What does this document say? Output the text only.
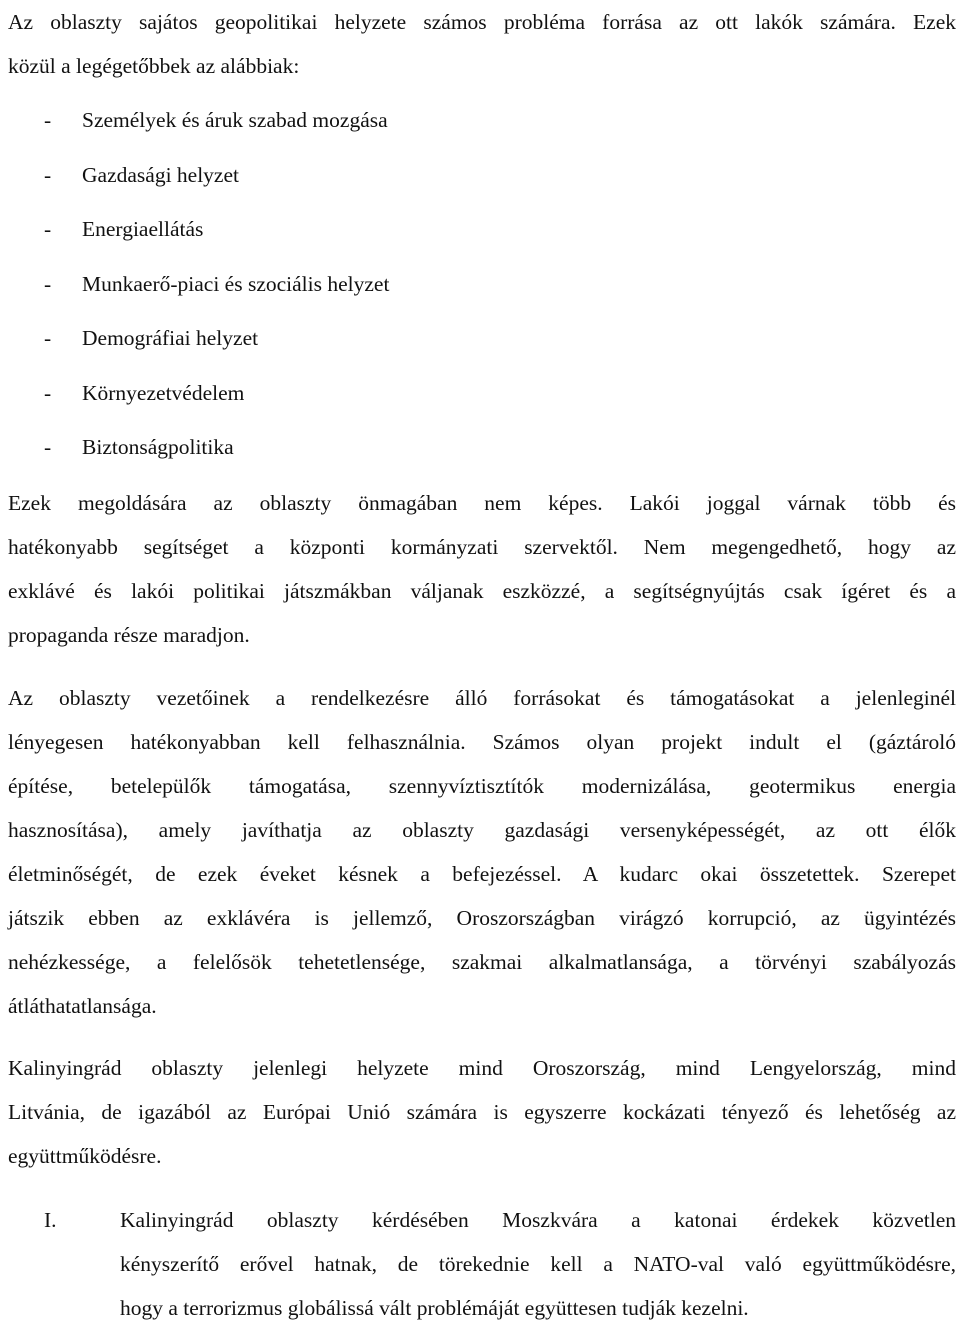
Az oblaszty sajátos geopolitikai helyzete számos probléma forrása az ott lakók számára. Ezek
közül a legégetőbbek az alábbiak:
- Személyek és áruk szabad mozgása
- Gazdasági helyzet
- Energiaellátás
- Munkaerő-piaci és szociális helyzet
- Demográfiai helyzet
- Környezetvédelem
- Biztonságpolitika
Ezek megoldására az oblaszty önmagában nem képes. Lakói joggal várnak több és
hatékonyabb segítséget a központi kormányzati szervektől. Nem megengedhető, hogy az
exklávé és lakói politikai játszmákban váljanak eszközzé, a segítségnyújtás csak ígéret és a
propaganda része maradjon.
Az oblaszty vezetőinek a rendelkezésre álló forrásokat és támogatásokat a jelenleginél
lényegesen hatékonyabban kell felhasználnia. Számos olyan projekt indult el (gáztároló
építése, betelepülők támogatása, szennyvíztisztítók modernizálása, geotermikus energia
hasznosítása), amely javíthatja az oblaszty gazdasági versenyképességét, az ott élők
életminőségét, de ezek éveket késnek a befejezéssel. A kudarc okai összetettek. Szerepet
játszik ebben az exklávéra is jellemző, Oroszországban virágzó korrupció, az ügyintézés
nehézkessége, a felelősök tehetetlensége, szakmai alkalmatlansága, a törvényi szabályozás
átláthatatlansága.
Kalinyingrád oblaszty jelenlegi helyzete mind Oroszország, mind Lengyelország, mind
Litvánia, de igazából az Európai Unió számára is egyszerre kockázati tényező és lehetőség az
együttműködésre.
I.	Kalinyingrád oblaszty kérdésében Moszkvára a katonai érdekek közvetlen
kényszerítő erővel hatnak, de törekednie kell a NATO-val való együttműködésre,
hogy a terrorizmus globálissá vált problémáját együttesen tudják kezelni.
